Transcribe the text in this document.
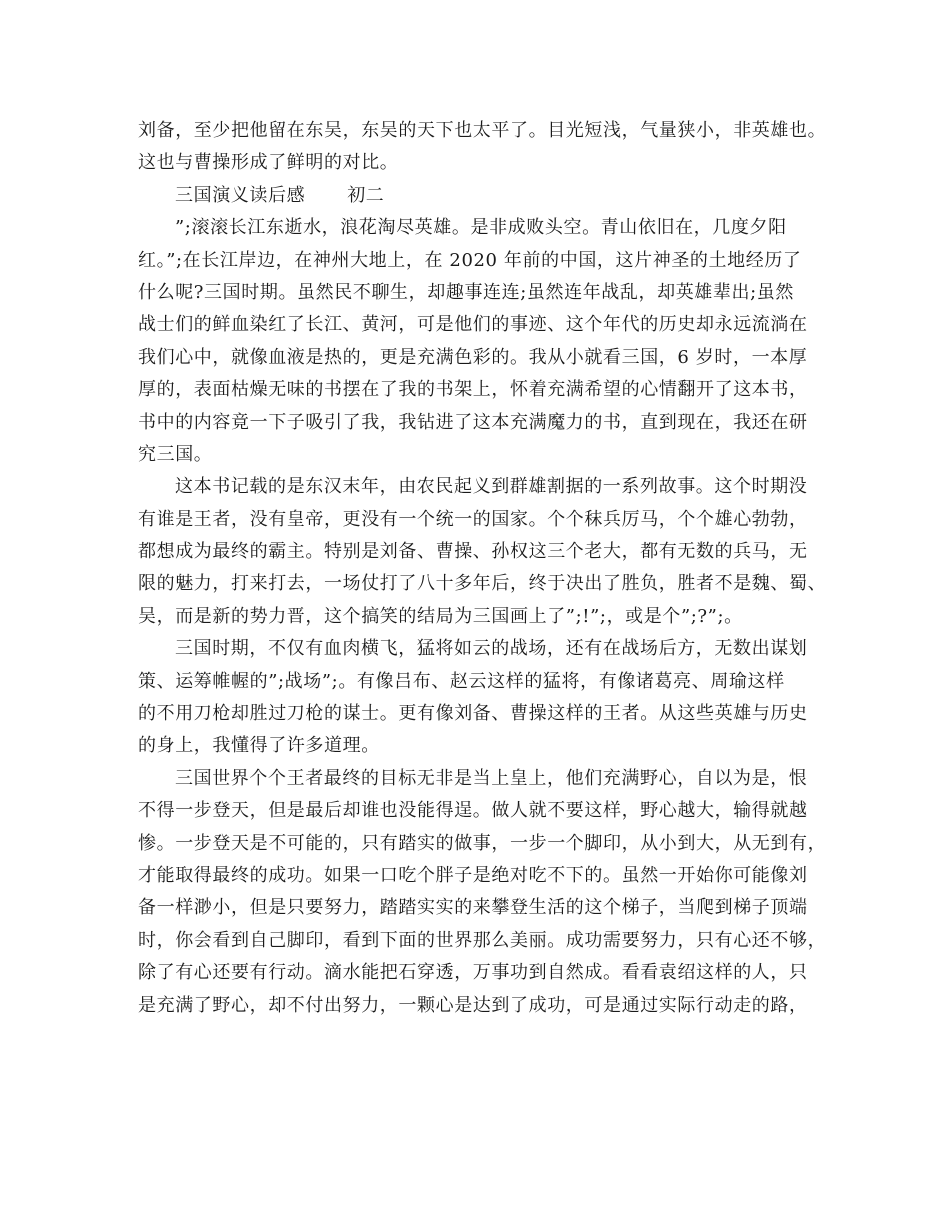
刘备，至少把他留在东吴，东吴的天下也太平了。目光短浅，气量狭小，非英雄也。
这也与曹操形成了鲜明的对比。
三国演义读后感 初二
”;滚滚长江东逝水，浪花淘尽英雄。是非成败头空。青山依旧在，几度夕阳
红。”;在长江岸边，在神州大地上，在 2020 年前的中国，这片神圣的土地经历了
什么呢?三国时期。虽然民不聊生，却趣事连连;虽然连年战乱，却英雄辈出;虽然
战士们的鲜血染红了长江、黄河，可是他们的事迹、这个年代的历史却永远流淌在
我们心中，就像血液是热的，更是充满色彩的。我从小就看三国，6 岁时，一本厚
厚的，表面枯燥无味的书摆在了我的书架上，怀着充满希望的心情翻开了这本书，
书中的内容竟一下子吸引了我，我钻进了这本充满魔力的书，直到现在，我还在研
究三国。
这本书记载的是东汉末年，由农民起义到群雄割据的一系列故事。这个时期没
有谁是王者，没有皇帝，更没有一个统一的国家。个个秣兵厉马，个个雄心勃勃，
都想成为最终的霸主。特别是刘备、曹操、孙权这三个老大，都有无数的兵马，无
限的魅力，打来打去，一场仗打了八十多年后，终于决出了胜负，胜者不是魏、蜀、
吴，而是新的势力晋，这个搞笑的结局为三国画上了”;!”;，或是个”;?”;。
三国时期，不仅有血肉横飞，猛将如云的战场，还有在战场后方，无数出谋划
策、运筹帷幄的”;战场”;。有像吕布、赵云这样的猛将，有像诸葛亮、周瑜这样
的不用刀枪却胜过刀枪的谋士。更有像刘备、曹操这样的王者。从这些英雄与历史
的身上，我懂得了许多道理。
三国世界个个王者最终的目标无非是当上皇上，他们充满野心，自以为是，恨
不得一步登天，但是最后却谁也没能得逞。做人就不要这样，野心越大，输得就越
惨。一步登天是不可能的，只有踏实的做事，一步一个脚印，从小到大，从无到有，
才能取得最终的成功。如果一口吃个胖子是绝对吃不下的。虽然一开始你可能像刘
备一样渺小，但是只要努力，踏踏实实的来攀登生活的这个梯子，当爬到梯子顶端
时，你会看到自己脚印，看到下面的世界那么美丽。成功需要努力，只有心还不够，
除了有心还要有行动。滴水能把石穿透，万事功到自然成。看看袁绍这样的人，只
是充满了野心，却不付出努力，一颗心是达到了成功，可是通过实际行动走的路，
